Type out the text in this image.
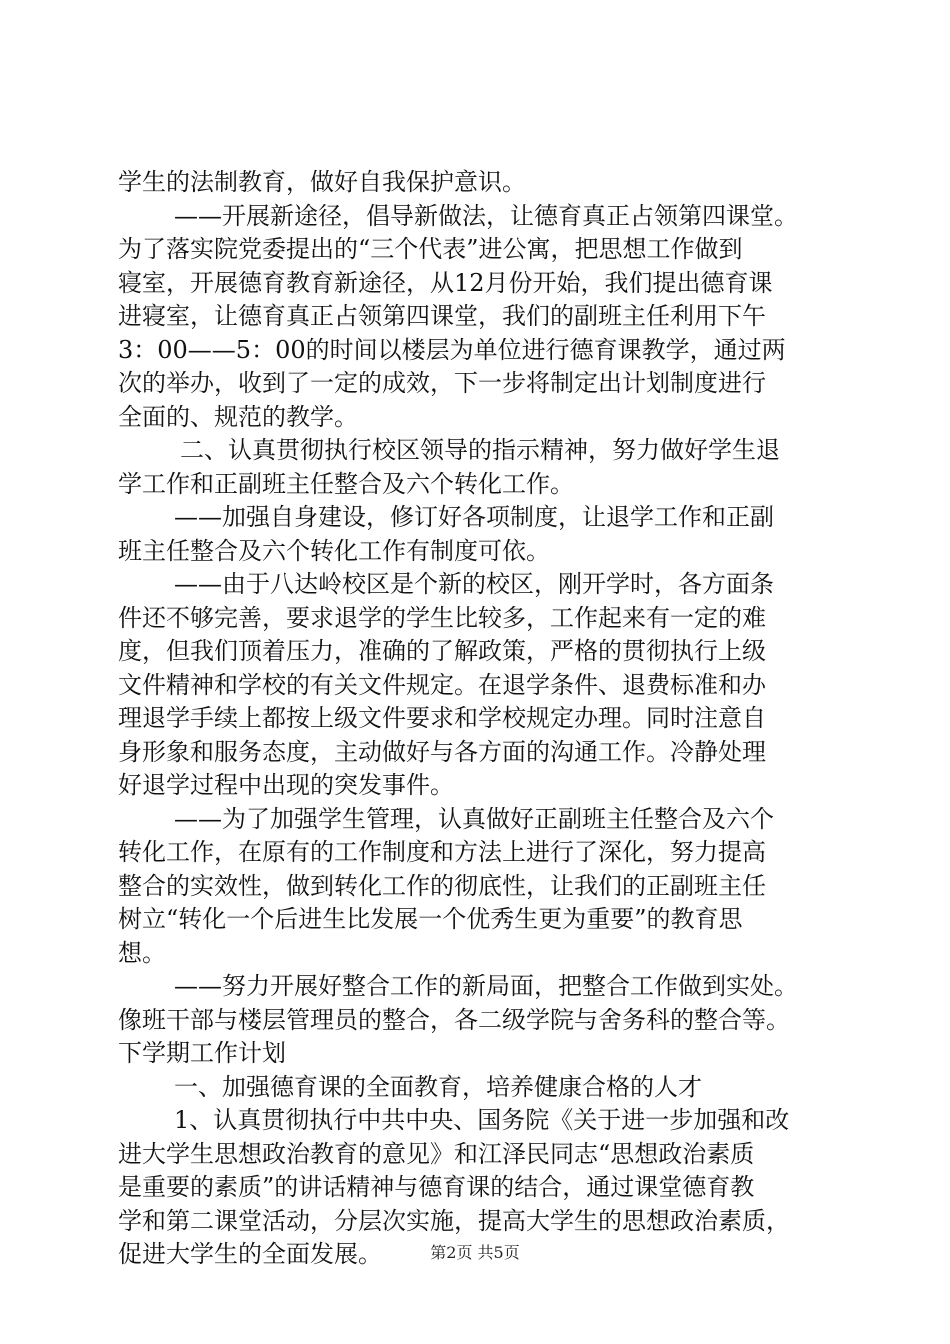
学生的法制教育，做好自我保护意识。
——开展新途径，倡导新做法，让德育真正占领第四课堂。
为了落实院党委提出的“三个代表”进公寓，把思想工作做到
寝室，开展德育教育新途径，从12月份开始，我们提出德育课
进寝室，让德育真正占领第四课堂，我们的副班主任利用下午
3：00——5：00的时间以楼层为单位进行德育课教学，通过两
次的举办，收到了一定的成效，下一步将制定出计划制度进行
全面的、规范的教学。
二、认真贯彻执行校区领导的指示精神，努力做好学生退
学工作和正副班主任整合及六个转化工作。
——加强自身建设，修订好各项制度，让退学工作和正副
班主任整合及六个转化工作有制度可依。
——由于八达岭校区是个新的校区，刚开学时，各方面条
件还不够完善，要求退学的学生比较多，工作起来有一定的难
度，但我们顶着压力，准确的了解政策，严格的贯彻执行上级
文件精神和学校的有关文件规定。在退学条件、退费标准和办
理退学手续上都按上级文件要求和学校规定办理。同时注意自
身形象和服务态度，主动做好与各方面的沟通工作。冷静处理
好退学过程中出现的突发事件。
——为了加强学生管理，认真做好正副班主任整合及六个
转化工作，在原有的工作制度和方法上进行了深化，努力提高
整合的实效性，做到转化工作的彻底性，让我们的正副班主任
树立“转化一个后进生比发展一个优秀生更为重要”的教育思
想。
——努力开展好整合工作的新局面，把整合工作做到实处。
像班干部与楼层管理员的整合，各二级学院与舍务科的整合等。
下学期工作计划
一、加强德育课的全面教育，培养健康合格的人才
1、认真贯彻执行中共中央、国务院《关于进一步加强和改
进大学生思想政治教育的意见》和江泽民同志“思想政治素质
是重要的素质”的讲话精神与德育课的结合，通过课堂德育教
学和第二课堂活动，分层次实施，提高大学生的思想政治素质，
促进大学生的全面发展。	第2页 共5页
